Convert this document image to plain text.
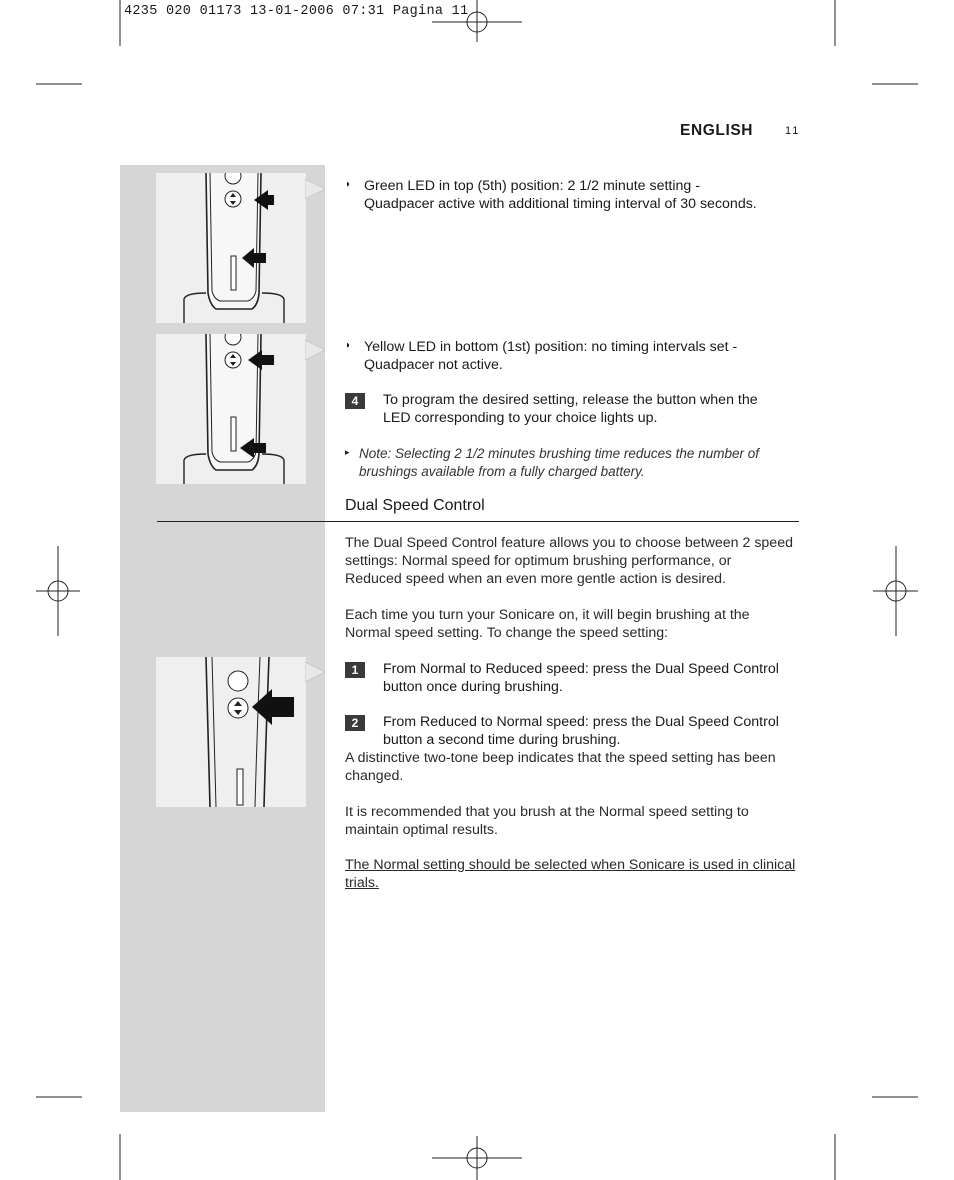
4235 020 01173 13-01-2006 07:31 Pagina 11
ENGLISH	11
◗ Green LED in top (5th) position: 2 1/2 minute setting -
Quadpacer active with additional timing interval of 30 seconds.
◗ Yellow LED in bottom (1st) position: no timing intervals set -
Quadpacer not active.
4	To program the desired setting, release the button when the
LED corresponding to your choice lights up.
▸ Note: Selecting 2 1/2 minutes brushing time reduces the number of
brushings available from a fully charged battery.
Dual Speed Control
The Dual Speed Control feature allows you to choose between 2 speed
settings: Normal speed for optimum brushing performance, or
Reduced speed when an even more gentle action is desired.
Each time you turn your Sonicare on, it will begin brushing at the
Normal speed setting. To change the speed setting:
1	From Normal to Reduced speed: press the Dual Speed Control
button once during brushing.
2	From Reduced to Normal speed: press the Dual Speed Control
button a second time during brushing.
A distinctive two-tone beep indicates that the speed setting has been
changed.
It is recommended that you brush at the Normal speed setting to
maintain optimal results.
The Normal setting should be selected when Sonicare is used in clinical
trials.
